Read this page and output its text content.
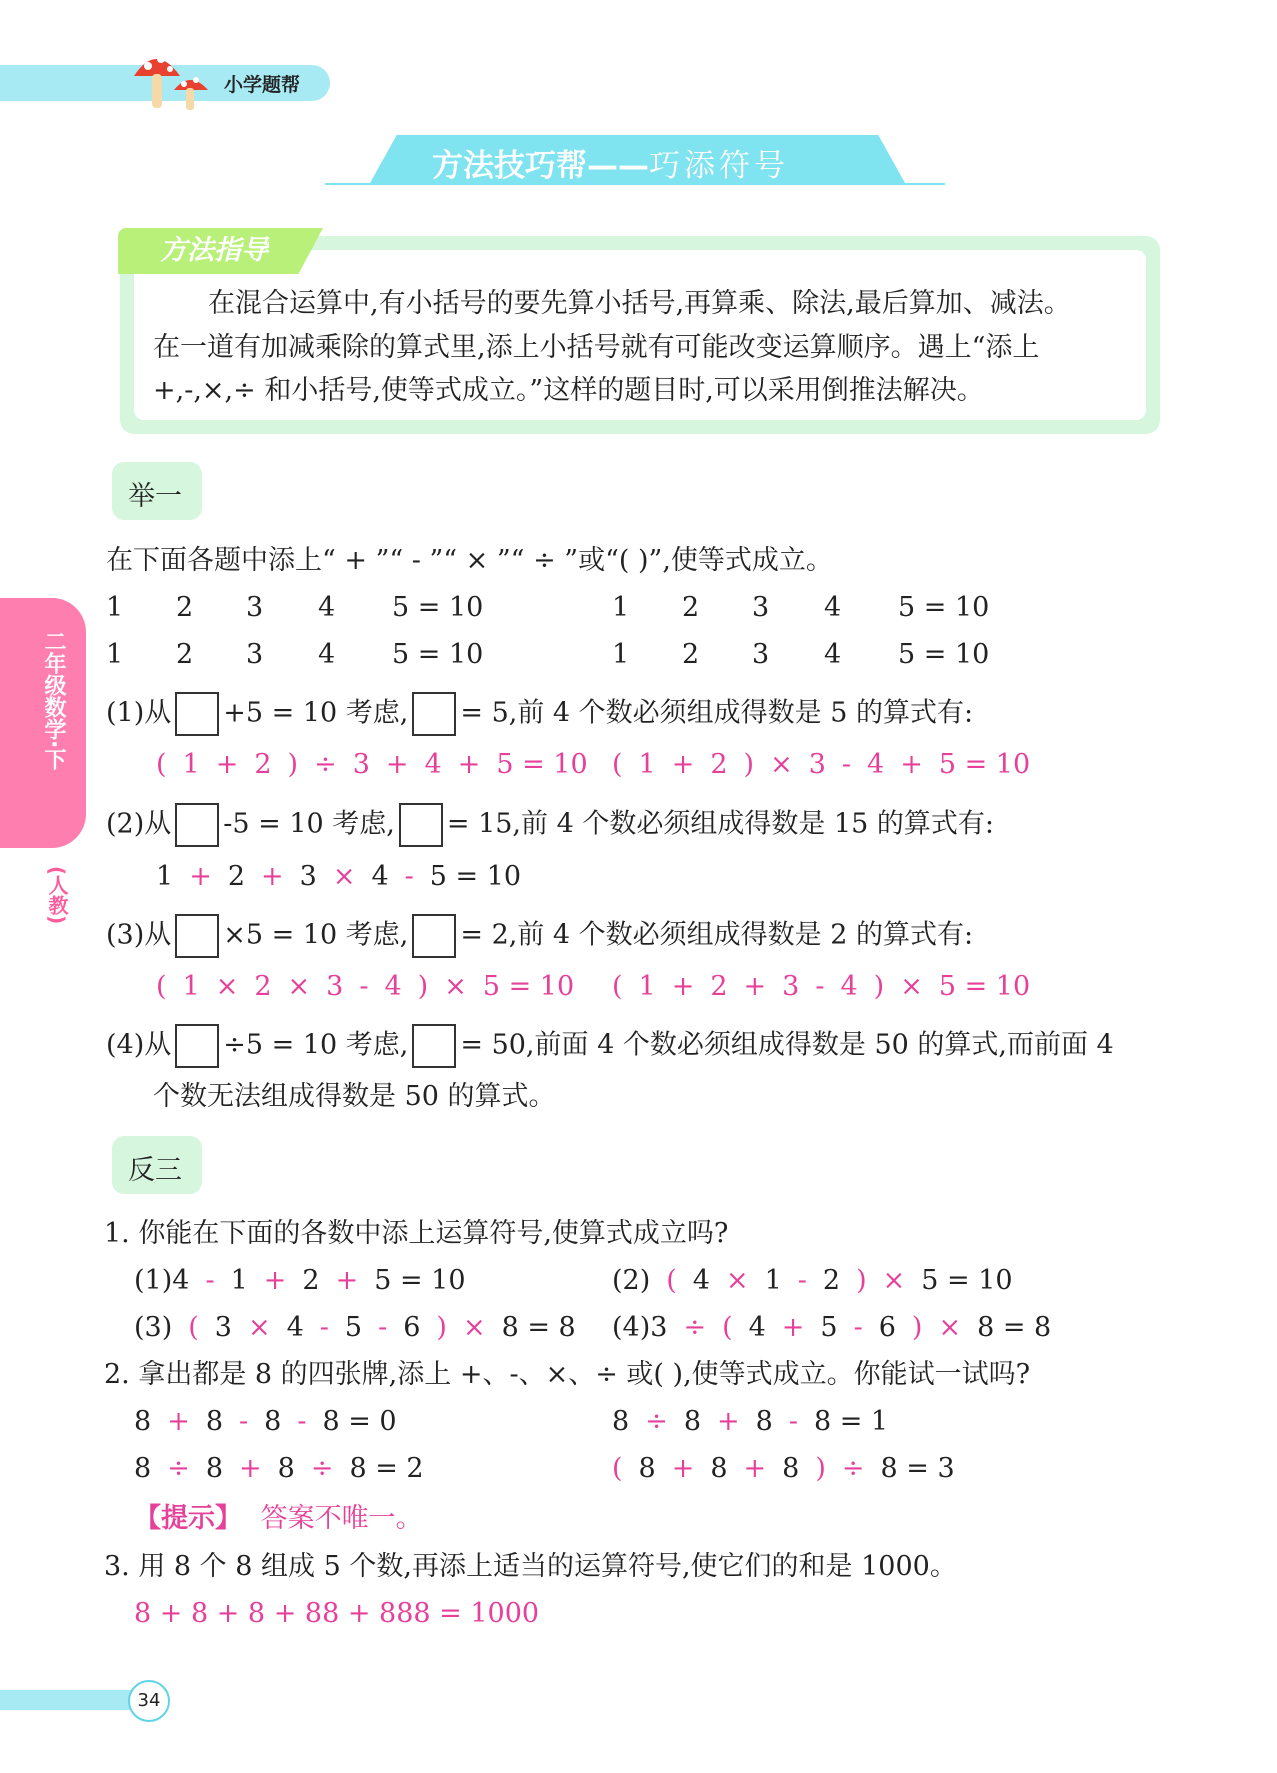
小学题帮
方法技巧帮——巧添符号
方法指导
在混合运算中,有小括号的要先算小括号,再算乘、除法,最后算加、减法。
在一道有加减乘除的算式里,添上小括号就有可能改变运算顺序。遇上“添上
+,-,×,÷ 和小括号,使等式成立。”这样的题目时,可以采用倒推法解决。
举一
在下面各题中添上“ + ”“ - ”“ × ”“ ÷ ”或“( )”,使等式成立。
1 2 3 4 5 = 10	1 2 3 4 5 = 10
1 2 3 4 5 = 10	1 2 3 4 5 = 10
(1)从 +5 = 10 考虑, = 5,前 4 个数必须组成得数是 5 的算式有:
( 1 + 2 ) ÷ 3 + 4 + 5 = 10 ( 1 + 2 ) × 3 - 4 + 5 = 10
(2)从 -5 = 10 考虑, = 15,前 4 个数必须组成得数是 15 的算式有:
1 + 2 + 3 × 4 - 5 = 10
(3)从 ×5 = 10 考虑, = 2,前 4 个数必须组成得数是 2 的算式有:
( 1 × 2 × 3 - 4 ) × 5 = 10	( 1 + 2 + 3 - 4 ) × 5 = 10
(4)从 ÷5 = 10 考虑, = 50,前面 4 个数必须组成得数是 50 的算式,而前面 4
个数无法组成得数是 50 的算式。
反三
1. 你能在下面的各数中添上运算符号,使算式成立吗?
(1)4 - 1 + 2 + 5 = 10	(2) ( 4 × 1 - 2 ) × 5 = 10
(3) ( 3 × 4 - 5 - 6 ) × 8 = 8	(4)3 ÷ ( 4 + 5 - 6 ) × 8 = 8
2. 拿出都是 8 的四张牌,添上 +、-、×、÷ 或( ),使等式成立。你能试一试吗?
8 + 8 - 8 - 8 = 0	8 ÷ 8 + 8 - 8 = 1
8 ÷ 8 + 8 ÷ 8 = 2	( 8 + 8 + 8 ) ÷ 8 = 3
【提示】 答案不唯一。
3. 用 8 个 8 组成 5 个数,再添上适当的运算符号,使它们的和是 1000。
8 + 8 + 8 + 88 + 888 = 1000
二年级数学·下
(人教)
34
